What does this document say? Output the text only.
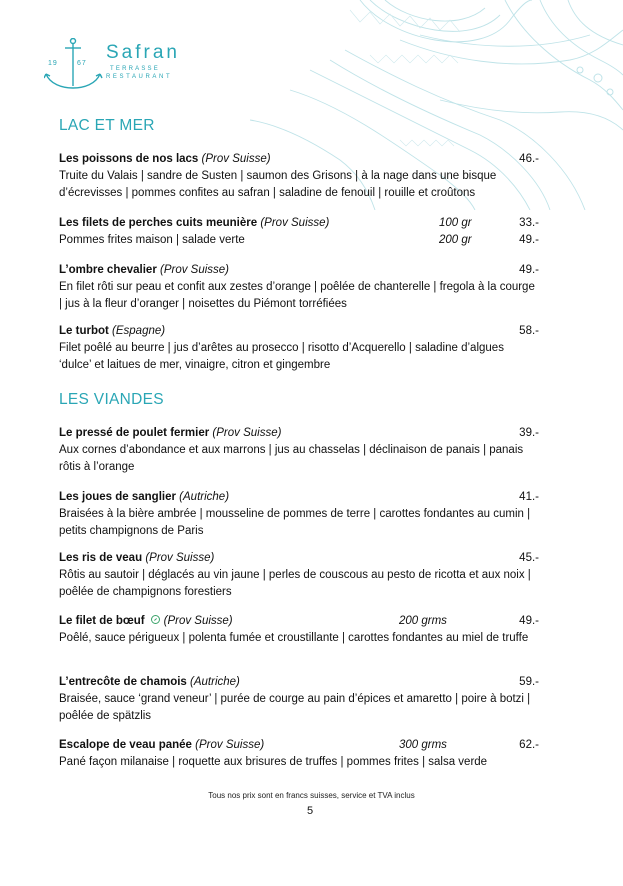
19	67
Safran
TERRASSE
RESTAURANT
LAC ET MER
Les poissons de nos lacs (Prov Suisse)	46.-
Truite du Valais | sandre de Susten | saumon des Grisons | à la nage dans une bisque d’écrevisses | pommes confites au safran | saladine de fenouil | rouille et croûtons
Les filets de perches cuits meunière (Prov Suisse)	100 gr	33.-
Pommes frites maison | salade verte	200 gr	49.-
L’ombre chevalier (Prov Suisse)	49.-
En filet rôti sur peau et confit aux zestes d’orange | poêlée de chanterelle | fregola à la courge | jus à la fleur d’oranger | noisettes du Piémont torréfiées
Le turbot (Espagne)	58.-
Filet poêlé au beurre | jus d’arêtes au prosecco | risotto d’Acquerello | saladine d’algues ‘dulce’ et laitues de mer, vinaigre, citron et gingembre
LES VIANDES
Le pressé de poulet fermier (Prov Suisse)	39.-
Aux cornes d’abondance et aux marrons | jus au chasselas | déclinaison de panais | panais rôtis à l’orange
Les joues de sanglier (Autriche)	41.-
Braisées à la bière ambrée | mousseline de pommes de terre | carottes fondantes au cumin | petits champignons de Paris
Les ris de veau (Prov Suisse)	45.-
Rôtis au sautoir | déglacés au vin jaune | perles de couscous au pesto de ricotta et aux noix | poêlée de champignons forestiers
Le filet de bœuf (Prov Suisse)	200 grms	49.-
Poêlé, sauce périgueux | polenta fumée et croustillante | carottes fondantes au miel de truffe
L’entrecôte de chamois (Autriche)	59.-
Braisée, sauce ‘grand veneur’ | purée de courge au pain d’épices et amaretto | poire à botzi | poêlée de spätzlis
Escalope de veau panée (Prov Suisse)	300 grms	62.-
Pané façon milanaise | roquette aux brisures de truffes | pommes frites | salsa verde
Tous nos prix sont en francs suisses, service et TVA inclus
5
